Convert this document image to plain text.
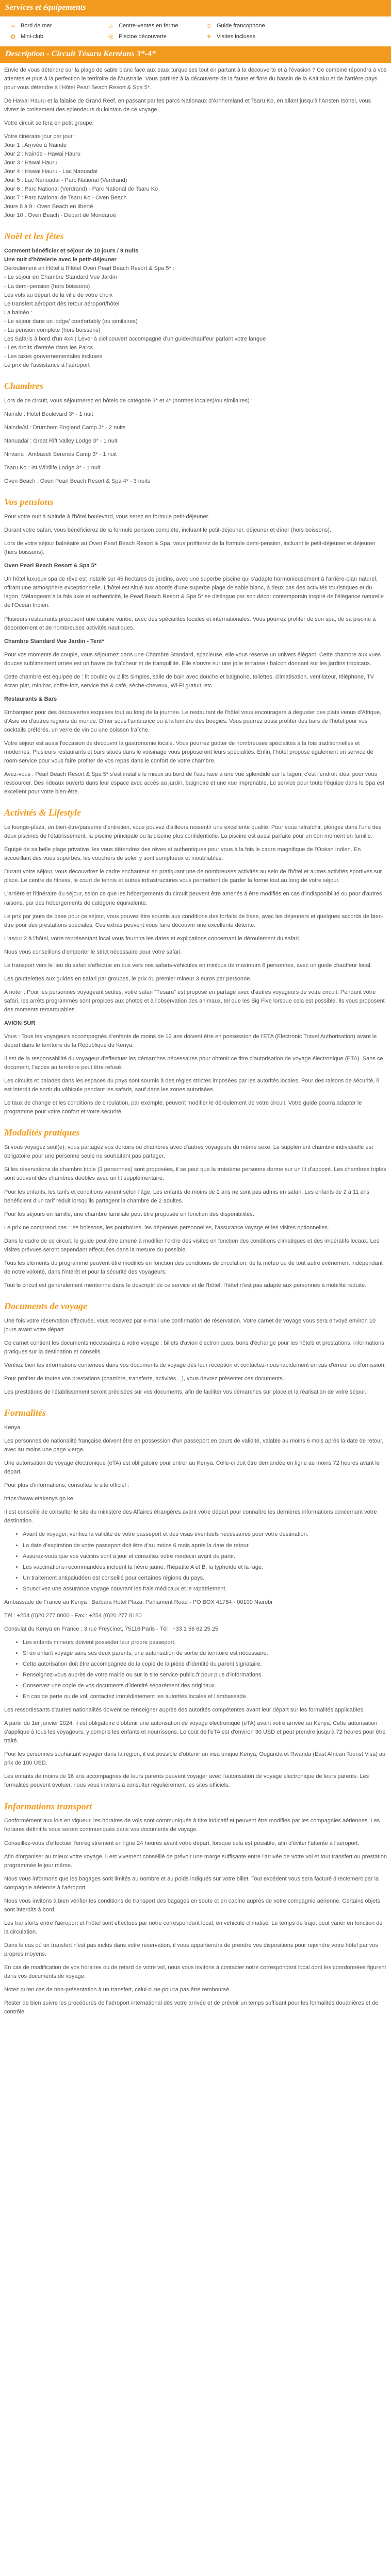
Services et équipements
≈	Bord de mer	⌂	Centre-ventes en ferme	☺ Guide francophone
✿ Mini-club	◎ Piscine découverte	✈ Visites incluses
Description - Circuit Tésaru Kerzéans 3*-4*

Envie de vous détendre sur la plage de sable blanc face aux eaux turquoises tout en partant à la découverte et à l'évasion ? Ce combiné répondra à vos attentes et plus à la perfection le territoire de l'Australie. Vous partirez à la découverte de la faune et flore du bassin de la Kaitiaku et de l'arrière-pays pour vous détendre à l'Hôtel Pearl Beach Resort & Spa 5*.

De Hawai Hauru et la falaise de Grand Reef, en passant par les parcs Nationaux d'Arnhemland et Tsaru Ko, en allant jusqu'à l'Ansten Isohei, vous vivrez le croisement des splendeurs du lointain de ce voyage.

Votre circuit se fera en petit groupe.

Votre itinéraire jour par jour :

Jour 1 : Arrivée à Nainde

Jour 2 : Nainde - Hawai Hauru

Jour 3 : Hawai Hauru

Jour 4 : Hawai Hauru - Lac Nanuadai

Jour 5 : Lac Nanuadai - Parc National (Verdrand)

Jour 6 : Parc National (Verdrand) - Parc National de Tsaru Ko

Jour 7 : Parc National de Tsaru Ko - Oven Beach

Jours 8 à 9 : Oven Beach en liberté

Jour 10 : Oven Beach - Départ de Mondaroé

Noël et les fêtes

Comment bénéficier et séjour de 10 jours / 9 nuits

Une nuit d'hôtelerie avec le petit-déjeuner

Déroulement en Hôtel à l'Hôtel Oven Pearl Beach Resort & Spa 5* :

- Le séjour en Chambre Standard Vue Jardin

- La demi-pension (hors boissons)

Les vols au départ de la ville de votre choix

Le transfert aéroport dès retour aéroport/hôtel

La balnéo :

- Le séjour dans un lodge/ comfortably (ou similaires)

- La pension complète (hors boissons)

Les Safaris à bord d'un 4x4 ( Lever à ciel couvert accompagné d'un guide/chauffeur parlant votre langue

- Les droits d'entrée dans les Parcs

- Les taxes gouvernementales incluses

Le prix de l'assistance à l'aéroport

Chambres

Lors de ce circuit, vous séjournerez en hôtels de catégorie 3* et 4* (normes locales)/ou similaires) :

Nainde : Hotel Boulevard 3* - 1 nuit

Nainde/al : Drumbem Englend Camp 3* - 2 nuits

Nanuadai : Great Rift Valley Lodge 3* - 1 nuit

Nirvana : Ambaseli Serenes Camp 3* - 1 nuit

Tsaru Ko : Ist Wildlife Lodge 3* - 1 nuit

Oven Beach : Oven Pearl Beach Resort & Spa 4* - 3 nuits

Vos pensions

Pour votre nuit à Nainde à l'hôtel boulevard, vous serez en formule petit-déjeuner.

Durant votre safari, vous bénéficierez de la formule pension complète, incluant le petit-déjeuner, déjeuner et dîner (hors boissons).

Lors de votre séjour balnéaire au Oven Pearl Beach Resort & Spa, vous profiterez de la formule demi-pension, incluant le petit-déjeuner et déjeuner (hors boissons).

Oven Pearl Beach Resort & Spa 5*

Un hôtel luxueux spa de rêve est installé sur 45 hectares de jardins, avec une superbe piscine qui s'adapte harmonieusement à l'arrière-plan naturel, offrant une atmosphère exceptionnelle. L'hôtel est situé aux abords d'une superbe plage de sable blanc, à deux pas des activités touristiques et du lagon. Mélangeant à la fois luxe et authenticité, le Pearl Beach Resort & Spa 5* se distingue par son décor contemporain inspiré de l'élégance naturelle de l'Océan Indien.

Plusieurs restaurants proposent une cuisine variée, avec des spécialités locales et internationales. Vous pourrez profiter de son spa, de sa piscine à débordement et de nombreuses activités nautiques.

Chambre Standard Vue Jardin - Tent*

Pour vos moments de couple, vous séjournez dans une Chambre Standard, spacieuse, elle vous réserve un univers élégant. Cette chambre aux vues douces sublimement ornée est un havre de fraîcheur et de tranquillité. Elle s'ouvre sur une jolie terrasse / balcon donnant sur les jardins tropicaux.

Cette chambre est équipée de : lit double ou 2 lits simples, salle de bain avec douche et baignoire, toilettes, climatisation, ventilateur, téléphone, TV écran plat, minibar, coffre-fort, service thé & café, sèche-cheveux, Wi-Fi gratuit, etc.

Restaurants & Bars

Embarquez pour des découvertes exquises tout au long de la journée. Le restaurant de l'hôtel vous encouragera à déguster des plats venus d'Afrique, d'Asie ou d'autres régions du monde. Dîner sous l'ambiance ou à la lumière des bougies. Vous pourrez aussi profiter des bars de l'hôtel pour vos cocktails préférés, un verre de vin ou une boisson fraîche.

Votre séjour est aussi l'occasion de découvrir la gastronomie locale. Vous pourrez goûter de nombreuses spécialités à la fois traditionnelles et modernes. Plusieurs restaurants et bars situés dans le voisinage vous proposeront leurs spécialités. Enfin, l'hôtel propose également un service de room-service pour vous faire profiter de vos repas dans le confort de votre chambre.

Avez-vous : Pearl Beach Resort & Spa 5* s'est installé le mieux au bord de l'eau face à une vue splendide sur le lagon, c'est l'endroit idéal pour vous ressourcer. Des rideaux ouverts dans leur espace avec accès au jardin, baignoire et une vue imprenable. Le service pour toute l'équipe dans le Spa est excellent pour votre bien-être.

Activités & Lifestyle

Le lounge-plaza, un bien-être/parsemé d'entretien, vous pouvez d'ailleurs ressentir une excellente qualité. Pour vous rafraîchir, plongez dans l'une des deux piscines de l'établissement, la piscine principale ou la piscine plus confidentielle. La piscine est aussi parfaite pour un bon moment en famille.

Équipé de sa belle plage privative, les vous détendrez des rêves et authentiques pour vous à la fois le cadre magnifique de l'Océan Indien. En accueillant des vues superbes, les couchers de soleil y sont somptueux et inoubliables.

Durant votre séjour, vous découvrirez le cadre enchanteur en pratiquant une de nombreuses activités au sein de l'hôtel et autres activités sportives sur place. Le centre de fitness, le court de tennis et autres infrastructures vous permettent de garder la forme tout au long de votre séjour.

L'arrière et l'itinéraire du séjour, selon ce que les hébergements du circuit peuvent être amenés à être modifiés en cas d'indisponibilité ou pour d'autres raisons, par des hébergements de catégorie équivalente.

Le prix par jours de base pour ce séjour, vous pouvez être soumis aux conditions des forfaits de base, avec les déjeuners et quelques accords de bien-être pour des prestations spéciales. Ces extras peuvent vous faire découvrir une excellente détente.

L'ascur 2 à l'hôtel, votre représentant local vous fournira les dates et explications concernant le déroulement du safari.

Nous vous conseillons d'emporter le strict nécessaire pour votre safari.

Le transport vers le lieu du safari s'effectue en bus vers nos safaris-véhicules en minibus de maximum 6 personnes, avec un guide chauffeur local.

Les gouttelettes aux guides en safari par groupes, le prix du premier mineur 3 euros par personne.

A noter : Pour les personnes voyageant seules, votre safari "Tésaru" est proposé en partage avec d'autres voyageurs de votre circuit. Pendant votre safari, les arrêts programmés sont propices aux photos et à l'observation des animaux, tel que les Big Five lorsque cela est possible. Ils vous proposent des moments remarquables.

AVION SUR

Vous : Tous les voyageurs accompagnés d'enfants de moins de 12 ans doivent être en possession de l'ETA (Electronic Travel Authorisation) avant le départ dans le territoire de la République du Kenya.

Il est de la responsabilité du voyageur d'effectuer les démarches nécessaires pour obtenir ce titre d'autorisation de voyage électronique (ETA). Sans ce document, l'accès au territoire peut être refusé.

Les circuits et balades dans les espaces du pays sont soumis à des règles strictes imposées par les autorités locales. Pour des raisons de sécurité, il est interdit de sortir du véhicule pendant les safaris, sauf dans les zones autorisées.

Le taux de change et les conditions de circulation, par exemple, peuvent modifier le déroulement de votre circuit. Votre guide pourra adapter le programme pour votre confort et votre sécurité.

Modalités pratiques

Si vous voyagez seul(e), vous partagez vos dortoirs ou chambres avec d'autres voyageurs du même sexe. Le supplément chambre individuelle est obligatoire pour une personne seule ne souhaitant pas partager.

Si les réservations de chambre triple (3 personnes) sont proposées, il se peut que la troisième personne dorme sur un lit d'appoint. Les chambres triples sont souvent des chambres doubles avec un lit supplémentaire.

Pour les enfants, les tarifs et conditions varient selon l'âge. Les enfants de moins de 2 ans ne sont pas admis en safari. Les enfants de 2 à 11 ans bénéficient d'un tarif réduit lorsqu'ils partagent la chambre de 2 adultes.

Pour les séjours en famille, une chambre familiale peut être proposée en fonction des disponibilités.

Le prix ne comprend pas : les boissons, les pourboires, les dépenses personnelles, l'assurance voyage et les visites optionnelles.

Dans le cadre de ce circuit, le guide peut être amené à modifier l'ordre des visites en fonction des conditions climatiques et des impératifs locaux. Les visites prévues seront cependant effectuées dans la mesure du possible.

Tous les éléments du programme peuvent être modifiés en fonction des conditions de circulation, de la météo ou de tout autre événement indépendant de notre volonté, dans l'intérêt et pour la sécurité des voyageurs.

Tout le circuit est généralement mentionné dans le descriptif de ce service et de l'hôtel, l'hôtel n'est pas adapté aux personnes à mobilité réduite.

Documents de voyage

Une fois votre réservation effectuée, vous recevrez par e-mail une confirmation de réservation. Votre carnet de voyage vous sera envoyé environ 10 jours avant votre départ.

Ce carnet contient les documents nécessaires à votre voyage : billets d'avion électroniques, bons d'échange pour les hôtels et prestations, informations pratiques sur la destination et conseils.

Vérifiez bien les informations contenues dans vos documents de voyage dès leur réception et contactez-nous rapidement en cas d'erreur ou d'omission.

Pour profiter de toutes vos prestations (chambre, transferts, activités…), vous devrez présenter ces documents.

Les prestations de l'établissement seront précisées sur vos documents, afin de faciliter vos démarches sur place et la réalisation de votre séjour.

Formalités

Kenya

Les personnes de nationalité française doivent être en possession d'un passeport en cours de validité, valable au moins 6 mois après la date de retour, avec au moins une page vierge.

Une autorisation de voyage électronique (eTA) est obligatoire pour entrer au Kenya. Celle-ci doit être demandée en ligne au moins 72 heures avant le départ.

Pour plus d'informations, consultez le site officiel :

https://www.etakenya.go.ke

Il est conseillé de consulter le site du ministère des Affaires étrangères avant votre départ pour connaître les dernières informations concernant votre destination.

• Avant de voyager, vérifiez la validité de votre passeport et des visas éventuels nécessaires pour votre destination.
• La date d'expiration de votre passeport doit être d'au moins 6 mois après la date de retour.
• Assurez-vous que vos vaccins sont à jour et consultez votre médecin avant de partir.
• Les vaccinations recommandées incluent la fièvre jaune, l'hépatite A et B, la typhoïde et la rage.
• Un traitement antipaludéen est conseillé pour certaines régions du pays.
• Souscrivez une assurance voyage couvrant les frais médicaux et le rapatriement.

Ambassade de France au Kenya : Barbara Hotel Plaza, Parliament Road - PO BOX 41784 - 00100 Nairobi

Tél : +254 (0)20 277 8000 - Fax : +254 (0)20 277 8180

Consulat du Kenya en France : 3 rue Freycinet, 75116 Paris - Tél : +33 1 56 62 25 25

• Les enfants mineurs doivent posséder leur propre passeport.
• Si un enfant voyage sans ses deux parents, une autorisation de sortie du territoire est nécessaire.
• Cette autorisation doit être accompagnée de la copie de la pièce d'identité du parent signataire.
• Renseignez-vous auprès de votre mairie ou sur le site service-public.fr pour plus d'informations.
• Conservez une copie de vos documents d'identité séparément des originaux.
• En cas de perte ou de vol, contactez immédiatement les autorités locales et l'ambassade.

Les ressortissants d'autres nationalités doivent se renseigner auprès des autorités compétentes avant leur départ sur les formalités applicables.

A partir du 1er janvier 2024, il est obligatoire d'obtenir une autorisation de voyage électronique (eTA) avant votre arrivée au Kenya. Cette autorisation s'applique à tous les voyageurs, y compris les enfants et nourrissons. Le coût de l'eTA est d'environ 30 USD et peut prendre jusqu'à 72 heures pour être traité.

Pour les personnes souhaitant voyager dans la région, il est possible d'obtenir un visa unique Kenya, Ouganda et Rwanda (East African Tourist Visa) au prix de 100 USD.

Les enfants de moins de 16 ans accompagnés de leurs parents peuvent voyager avec l'autorisation de voyage électronique de leurs parents. Les formalités peuvent évoluer, nous vous invitons à consulter régulièrement les sites officiels.

Informations transport

Conformément aux lois en vigueur, les horaires de vols sont communiqués à titre indicatif et peuvent être modifiés par les compagnies aériennes. Les horaires définitifs vous seront communiqués dans vos documents de voyage.

Conseillez-vous d'effectuer l'enregistrement en ligne 24 heures avant votre départ, lorsque cela est possible, afin d'éviter l'attente à l'aéroport.

Afin d'organiser au mieux votre voyage, il est vivement conseillé de prévoir une marge suffisante entre l'arrivée de votre vol et tout transfert ou prestation programmée le jour même.

Nous vous informons que les bagages sont limités au nombre et au poids indiqués sur votre billet. Tout excédent vous sera facturé directement par la compagnie aérienne à l'aéroport.

Nous vous invitons à bien vérifier les conditions de transport des bagages en soute et en cabine auprès de votre compagnie aérienne. Certains objets sont interdits à bord.

Les transferts entre l'aéroport et l'hôtel sont effectués par notre correspondant local, en véhicule climatisé. Le temps de trajet peut varier en fonction de la circulation.

Dans le cas où un transfert n'est pas inclus dans votre réservation, il vous appartiendra de prendre vos dispositions pour rejoindre votre hôtel par vos propres moyens.

En cas de modification de vos horaires ou de retard de votre vol, nous vous invitons à contacter notre correspondant local dont les coordonnées figurent dans vos documents de voyage.

Notez qu'en cas de non-présentation à un transfert, celui-ci ne pourra pas être remboursé.

Rester de bien suivre les procédures de l'aéroport international dès votre arrivée et de prévoir un temps suffisant pour les formalités douanières et de contrôle.
